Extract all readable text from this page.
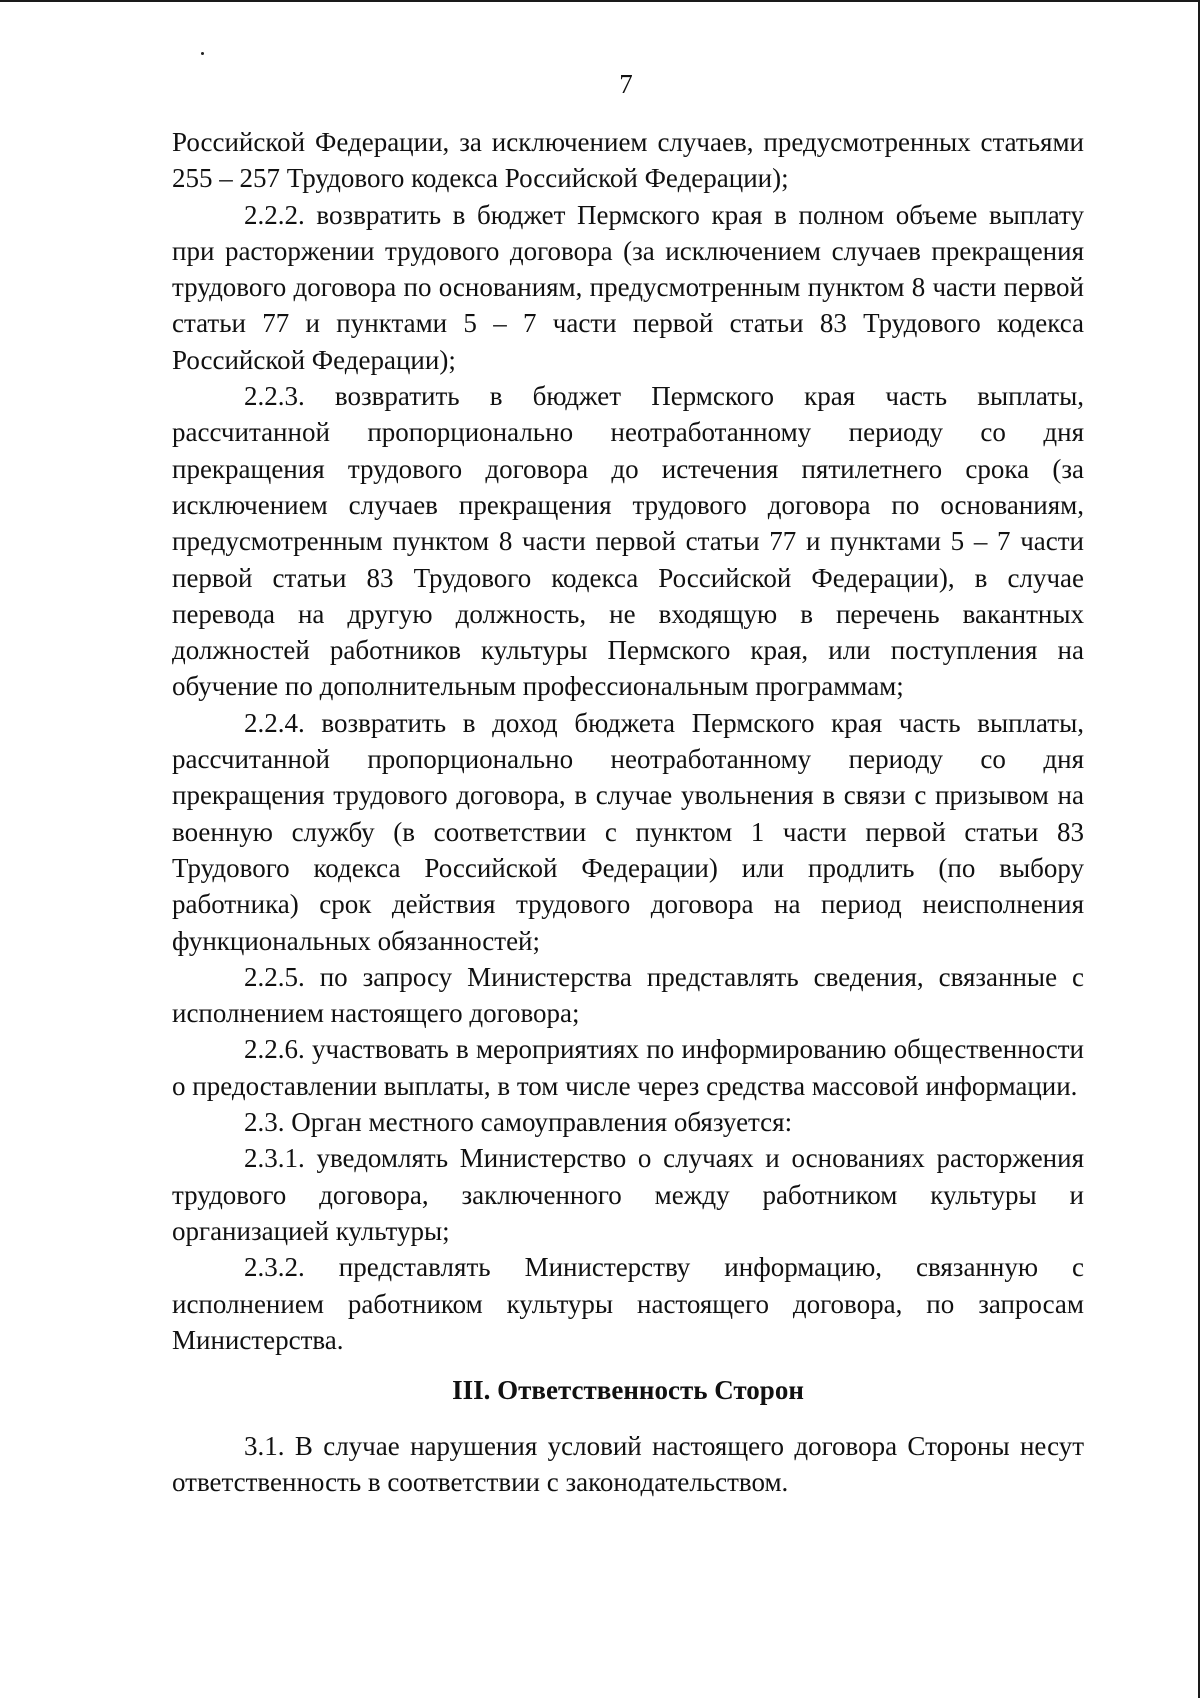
7

Российской Федерации, за исключением случаев, предусмотренных статьями 255 – 257 Трудового кодекса Российской Федерации);

2.2.2. возвратить в бюджет Пермского края в полном объеме выплату при расторжении трудового договора (за исключением случаев прекращения трудового договора по основаниям, предусмотренным пунктом 8 части первой статьи 77 и пунктами 5 – 7 части первой статьи 83 Трудового кодекса Российской Федерации);

2.2.3. возвратить в бюджет Пермского края часть выплаты, рассчитанной пропорционально неотработанному периоду со дня прекращения трудового договора до истечения пятилетнего срока (за исключением случаев прекращения трудового договора по основаниям, предусмотренным пунктом 8 части первой статьи 77 и пунктами 5 – 7 части первой статьи 83 Трудового кодекса Российской Федерации), в случае перевода на другую должность, не входящую в перечень вакантных должностей работников культуры Пермского края, или поступления на обучение по дополнительным профессиональным программам;

2.2.4. возвратить в доход бюджета Пермского края часть выплаты, рассчитанной пропорционально неотработанному периоду со дня прекращения трудового договора, в случае увольнения в связи с призывом на военную службу (в соответствии с пунктом 1 части первой статьи 83 Трудового кодекса Российской Федерации) или продлить (по выбору работника) срок действия трудового договора на период неисполнения функциональных обязанностей;

2.2.5. по запросу Министерства представлять сведения, связанные с исполнением настоящего договора;

2.2.6. участвовать в мероприятиях по информированию общественности о предоставлении выплаты, в том числе через средства массовой информации.

2.3. Орган местного самоуправления обязуется:

2.3.1. уведомлять Министерство о случаях и основаниях расторжения трудового договора, заключенного между работником культуры и организацией культуры;

2.3.2. представлять Министерству информацию, связанную с исполнением работником культуры настоящего договора, по запросам Министерства.

III. Ответственность Сторон

3.1. В случае нарушения условий настоящего договора Стороны несут ответственность в соответствии с законодательством.
